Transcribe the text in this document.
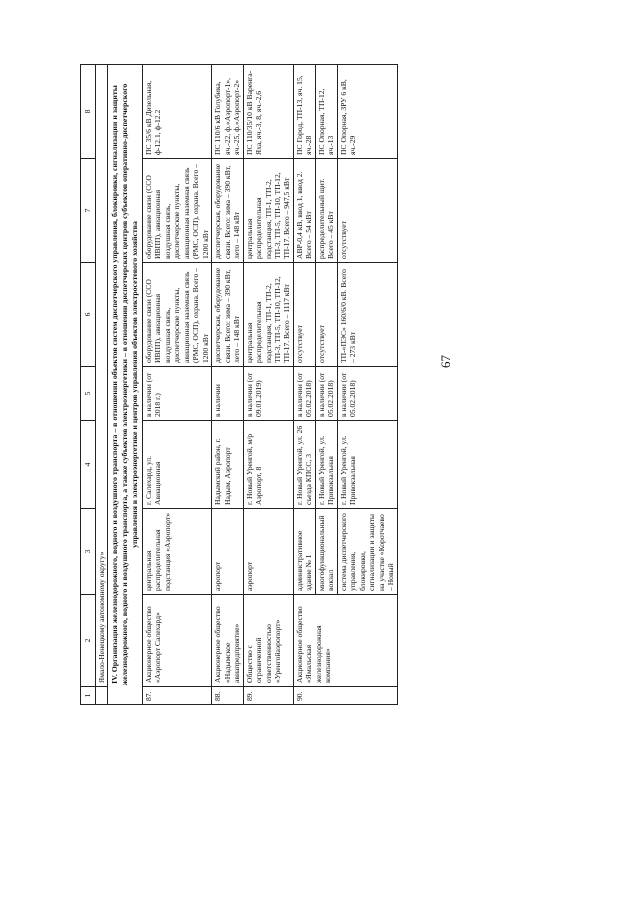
67
1	2	3	4	5	6	7	8
	Ямало-Ненецкому автономному округу»						
IV. Организация железнодорожного, водного и воздушного транспорта – в отношении объектов систем диспетчерского управления, блокировки, сигнализации и защиты железнодорожного, водного и воздушного транспорта, а также субъектов электроэнергетики – в отношении диспетчерских центров субъектов оперативно-диспетчерского управления в электроэнергетике и центров управления объектов электросетевого хозяйства							
87.	Акционерное общество «Аэропорт Салехард»	центральная распределительная подстанция «Аэропорт»	г. Салехард, ул. Авиационная	в наличии (от 2018 г.)	оборудование связи (ССО ИВПП), авиационная воздушная связь, диспетчерские пункты, авиационная наземная связь (РМС, ОСП), охрана. Всего – 1200 кВт	оборудование связи (ССО ИВПП), авиационная воздушная связь, диспетчерские пункты, авиационная наземная связь (РМС, ОСП), охрана. Всего – 1200 кВт	ПС 35/6 кВ Дизельная, ф-12.1, ф-12.2
88.	Акционерное общество «Надымское авиапредприятие»	аэропорт	Надымский район, г. Надым, Аэропорт	в наличии	диспетчерская, оборудование связи. Всего: зима – 390 кВт, лето – 148 кВт	диспетчерская, оборудование связи. Всего: зима – 390 кВт, лето – 148 кВт	ПС 110/6 кВ Голубика, яч.-22, ф.«Аэропорт-1», яч.-25, ф.«Аэропорт-2»
89.	Общество с ограниченной ответственностью «Уренгойаэропорт»	аэропорт	г. Новый Уренгой, м/р Аэропорт, 8	в наличии (от 09.01.2019)	центральная распределительная подстанция, ТП-1, ТП-2, ТП-3, ТП-5, ТП-10, ТП-12, ТП-17. Всего – 1117 кВт	центральная распределительная подстанция, ТП-1, ТП-2, ТП-3, ТП-5, ТП-10, ТП-12, ТП-17. Всего – 947,5 кВт	ПС 110/35/10 кВ Варенга-Яха, яч.-3, 8, яч.-2,6
90.	Акционерное общество «Ямальская железнодорожная компания»	административное здание № 1	г. Новый Уренгой, ул. 26 съезда КПСС, 3	в наличии (от 05.02.2018)	отсутствует	АВР-0,4 кВ, ввод 1, ввод 2. Всего – 54 кВт	ПС Город, ТП-13, яч. 15, яч.-28
		многофункциональный вокзал	г. Новый Уренгой, ул. Привокзальная	в наличии (от 05.02.2018)	отсутствует	распределительный щит. Всего – 45 кВт	ПС Опорная, ТП-12, яч.-13
		система диспетчерского управления, блокировки, сигнализации и защиты на участке «Коротчаево – Новый	г. Новый Уренгой, ул. Привокзальная	в наличии (от 05.02.2018)	ТП-«ПЭС» 160/6/0 кВ. Всего – 273 кВт	отсутствует	ПС Опорная, ЗРУ 6 кВ, яч.-29
